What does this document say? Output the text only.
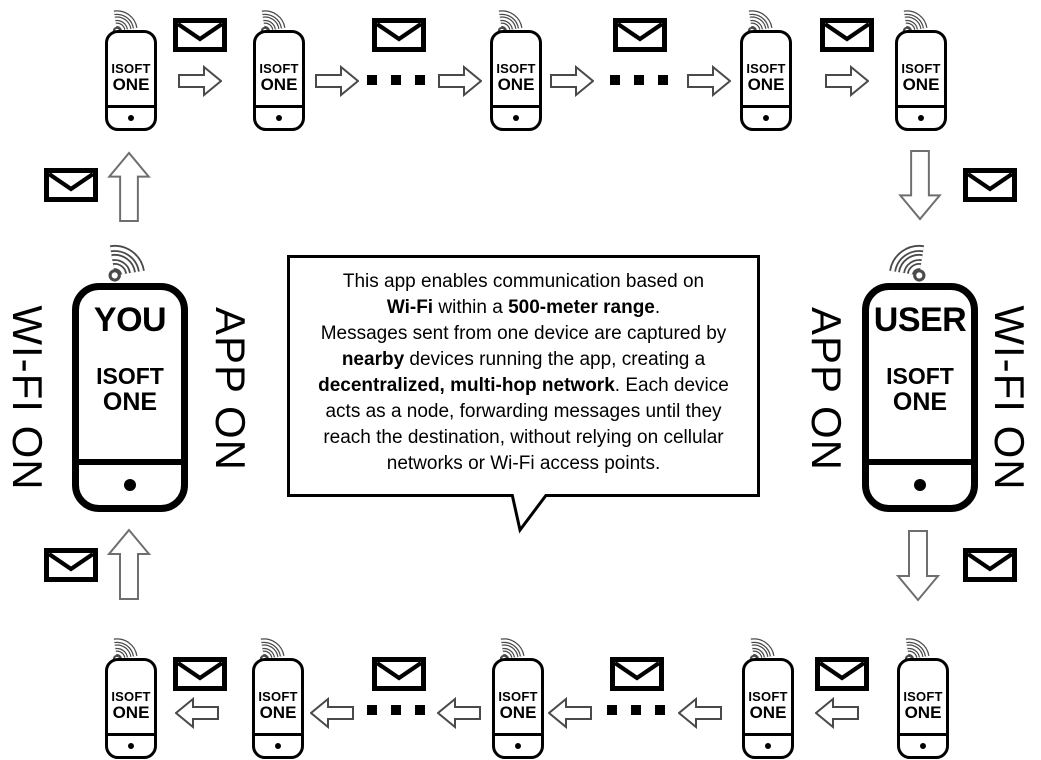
WI-FI ON YOU
ISOFT
ONE APP ON
This app enables communication based on
Wi-Fi within a 500-meter range.
Messages sent from one device are captured by
nearby devices running the app, creating a
decentralized, multi-hop network. Each device
acts as a node, forwarding messages until they
reach the destination, without relying on cellular
networks or Wi-Fi access points.	APP ON USER
ISOFT
ONE WI-FI ON
ISOFT
ONE
ISOFT
ONE
ISOFT
ONE
ISOFT
ONE
ISOFT
ONE
ISOFT
ONE
ISOFT
ONE
ISOFT
ONE
ISOFT
ONE
ISOFT
ONE
